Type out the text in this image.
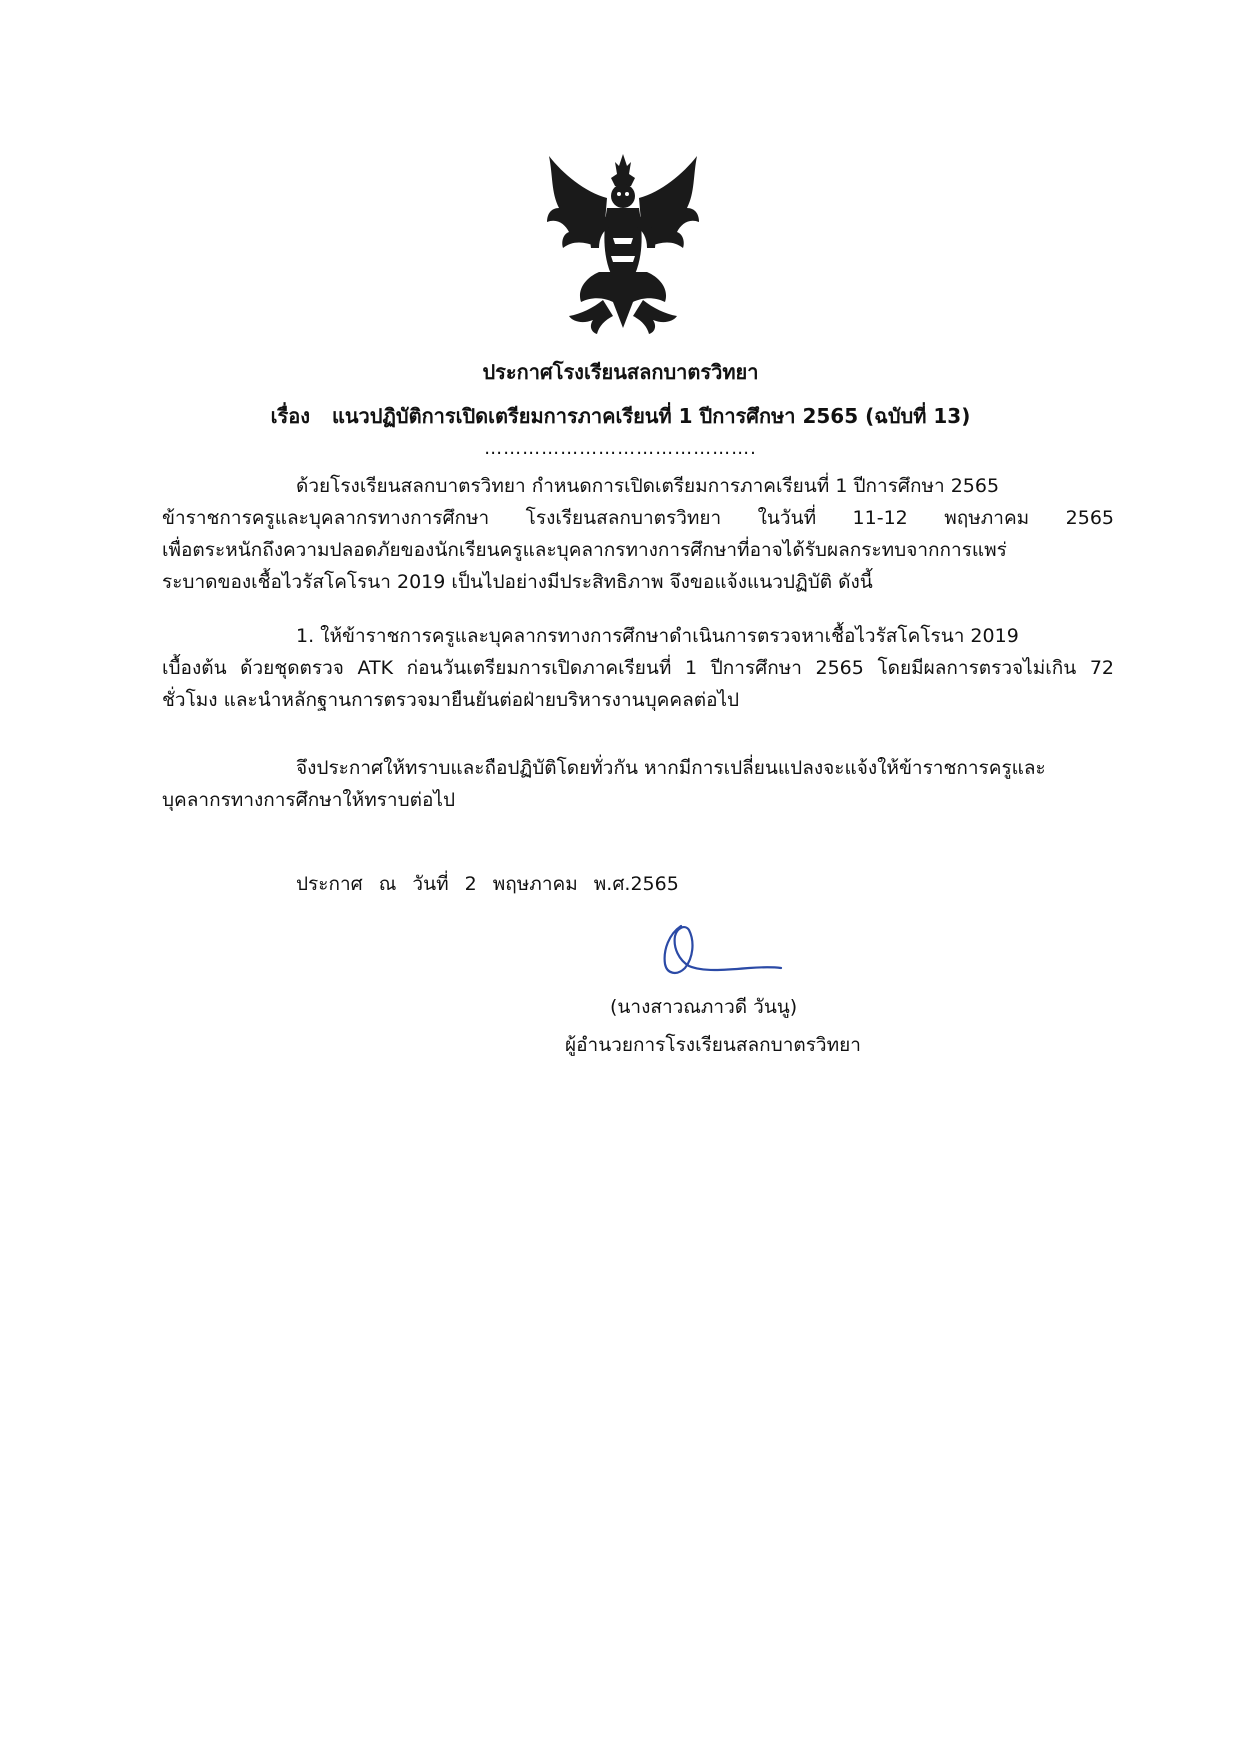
ประกาศโรงเรียนสลกบาตรวิทยา
เรื่อง แนวปฏิบัติการเปิดเตรียมการภาคเรียนที่ 1 ปีการศึกษา 2565 (ฉบับที่ 13)
…………………………………….
ด้วยโรงเรียนสลกบาตรวิทยา กำหนดการเปิดเตรียมการภาคเรียนที่ 1 ปีการศึกษา 2565
ข้าราชการครูและบุคลากรทางการศึกษา โรงเรียนสลกบาตรวิทยา ในวันที่ 11-12 พฤษภาคม 2565
เพื่อตระหนักถึงความปลอดภัยของนักเรียนครูและบุคลากรทางการศึกษาที่อาจได้รับผลกระทบจากการแพร่
ระบาดของเชื้อไวรัสโคโรนา 2019 เป็นไปอย่างมีประสิทธิภาพ จึงขอแจ้งแนวปฏิบัติ ดังนี้
1. ให้ข้าราชการครูและบุคลากรทางการศึกษาดำเนินการตรวจหาเชื้อไวรัสโคโรนา 2019
เบื้องต้น ด้วยชุดตรวจ ATK ก่อนวันเตรียมการเปิดภาคเรียนที่ 1 ปีการศึกษา 2565 โดยมีผลการตรวจไม่เกิน 72
ชั่วโมง และนำหลักฐานการตรวจมายืนยันต่อฝ่ายบริหารงานบุคคลต่อไป
จึงประกาศให้ทราบและถือปฏิบัติโดยทั่วกัน หากมีการเปลี่ยนแปลงจะแจ้งให้ข้าราชการครูและ
บุคลากรทางการศึกษาให้ทราบต่อไป
ประกาศ ณ วันที่ 2 พฤษภาคม พ.ศ.2565
(นางสาวณภาวดี วันนู)
ผู้อำนวยการโรงเรียนสลกบาตรวิทยา
